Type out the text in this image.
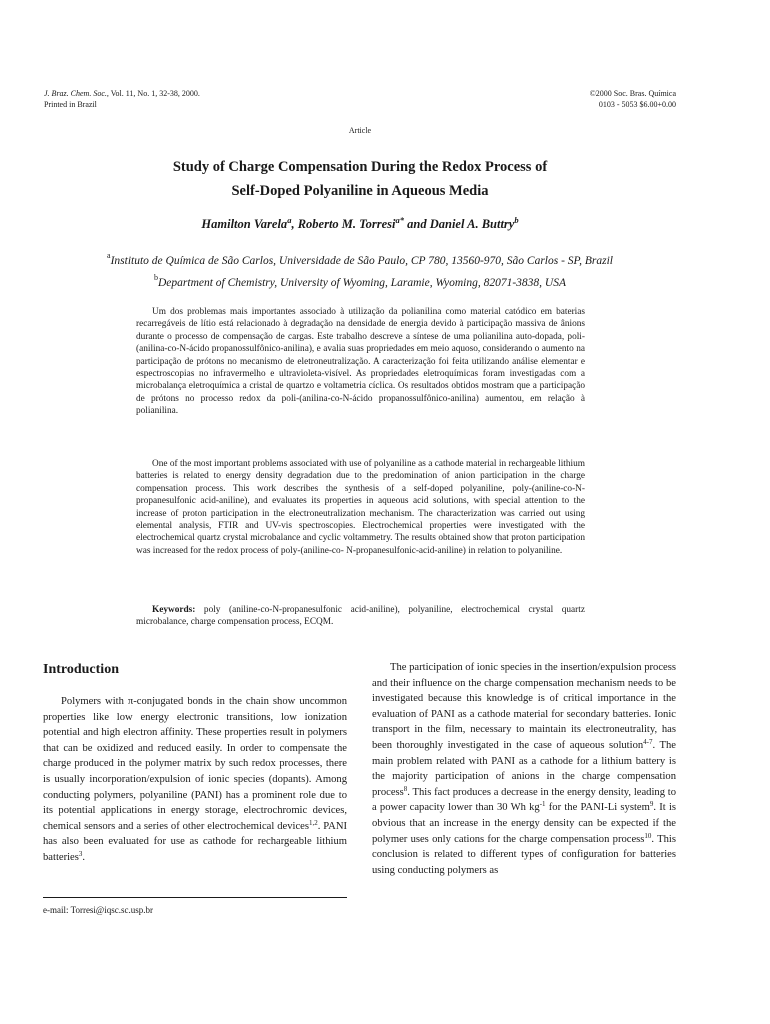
J. Braz. Chem. Soc., Vol. 11, No. 1, 32-38, 2000.
Printed in Brazil
©2000 Soc. Bras. Química
0103 - 5053 $6.00+0.00
Article
Study of Charge Compensation During the Redox Process of
Self-Doped Polyaniline in Aqueous Media
Hamilton Varela$^a$, Roberto M. Torresi$^{a*}$ and Daniel A. Buttry$^b$
$^a$Instituto de Química de São Carlos, Universidade de São Paulo, CP 780, 13560-970, São Carlos - SP, Brazil
$^b$Department of Chemistry, University of Wyoming, Laramie, Wyoming, 82071-3838, USA

Um dos problemas mais importantes associado à utilização da polianilina como material catódico em baterias recarregáveis de lítio está relacionado à degradação na densidade de energia devido à participação massiva de ânions durante o processo de compensação de cargas. Este trabalho descreve a síntese de uma polianilina auto-dopada, poli-(anilina-co-N-ácido propanossulfônico-anilina), e avalia suas propriedades em meio aquoso, considerando o aumento na participação de prótons no mecanismo de eletroneutralização. A caracterização foi feita utilizando análise elementar e espectroscopias no infravermelho e ultravioleta-visível. As propriedades eletroquímicas foram investigadas com a microbalança eletroquímica a cristal de quartzo e voltametria cíclica. Os resultados obtidos mostram que a participação de prótons no processo redox da poli-(anilina-co-N-ácido propanossulfônico-anilina) aumentou, em relação à polianilina.

One of the most important problems associated with use of polyaniline as a cathode material in rechargeable lithium batteries is related to energy density degradation due to the predomination of anion participation in the charge compensation process. This work describes the synthesis of a self-doped polyaniline, poly-(aniline-co-N-propanesulfonic acid-aniline), and evaluates its properties in aqueous acid solutions, with special attention to the increase of proton participation in the electroneutralization mechanism. The characterization was carried out using elemental analysis, FTIR and UV-vis spectroscopies. Electrochemical properties were investigated with the electrochemical quartz crystal microbalance and cyclic voltammetry. The results obtained show that proton participation was increased for the redox process of poly-(aniline-co- N-propanesulfonic-acid-aniline) in relation to polyaniline.

Keywords: poly (aniline-co-N-propanesulfonic acid-aniline), polyaniline, electrochemical crystal quartz microbalance, charge compensation process, ECQM.
Introduction

Polymers with π-conjugated bonds in the chain show uncommon properties like low energy electronic transitions, low ionization potential and high electron affinity. These properties result in polymers that can be oxidized and reduced easily. In order to compensate the charge produced in the polymer matrix by such redox processes, there is usually incorporation/expulsion of ionic species (dopants). Among conducting polymers, polyaniline (PANI) has a prominent role due to its potential applications in energy storage, electrochromic devices, chemical sensors and a series of other electrochemical devices$^{1,2}$. PANI has also been evaluated for use as cathode for rechargeable lithium batteries$^3$.

The participation of ionic species in the insertion/expulsion process and their influence on the charge compensation mechanism needs to be investigated because this knowledge is of critical importance in the evaluation of PANI as a cathode material for secondary batteries. Ionic transport in the film, necessary to maintain its electroneutrality, has been thoroughly investigated in the case of aqueous solution$^{4-7}$. The main problem related with PANI as a cathode for a lithium battery is the majority participation of anions in the charge compensation process$^8$. This fact produces a decrease in the energy density, leading to a power capacity lower than 30 Wh kg$^{-1}$ for the PANI-Li system$^9$. It is obvious that an increase in the energy density can be expected if the polymer uses only cations for the charge compensation process$^{10}$. This conclusion is related to different types of configuration for batteries using conducting polymers as

e-mail: Torresi@iqsc.sc.usp.br
